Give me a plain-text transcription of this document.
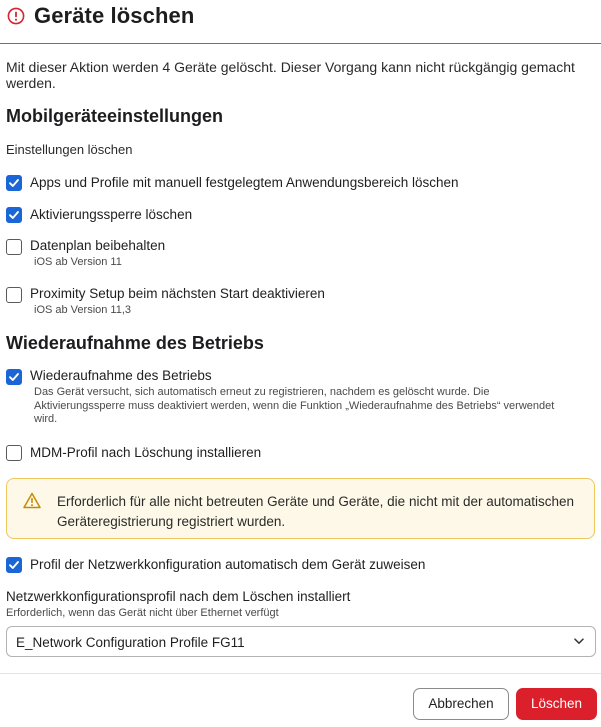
Geräte löschen
Mit dieser Aktion werden 4 Geräte gelöscht. Dieser Vorgang kann nicht rückgängig gemacht werden.
Mobilgeräteeinstellungen
Einstellungen löschen
Apps und Profile mit manuell festgelegtem Anwendungsbereich löschen
Aktivierungssperre löschen
Datenplan beibehalten
iOS ab Version 11
Proximity Setup beim nächsten Start deaktivieren
iOS ab Version 11,3
Wiederaufnahme des Betriebs
Wiederaufnahme des Betriebs
Das Gerät versucht, sich automatisch erneut zu registrieren, nachdem es gelöscht wurde. Die Aktivierungssperre muss deaktiviert werden, wenn die Funktion „Wiederaufnahme des Betriebs“ verwendet wird.
MDM-Profil nach Löschung installieren
Erforderlich für alle nicht betreuten Geräte und Geräte, die nicht mit der automatischen Geräteregistrierung registriert wurden.
Profil der Netzwerkkonfiguration automatisch dem Gerät zuweisen
Netzwerkkonfigurationsprofil nach dem Löschen installiert
Erforderlich, wenn das Gerät nicht über Ethernet verfügt
E_Network Configuration Profile FG11
Abbrechen	Löschen
